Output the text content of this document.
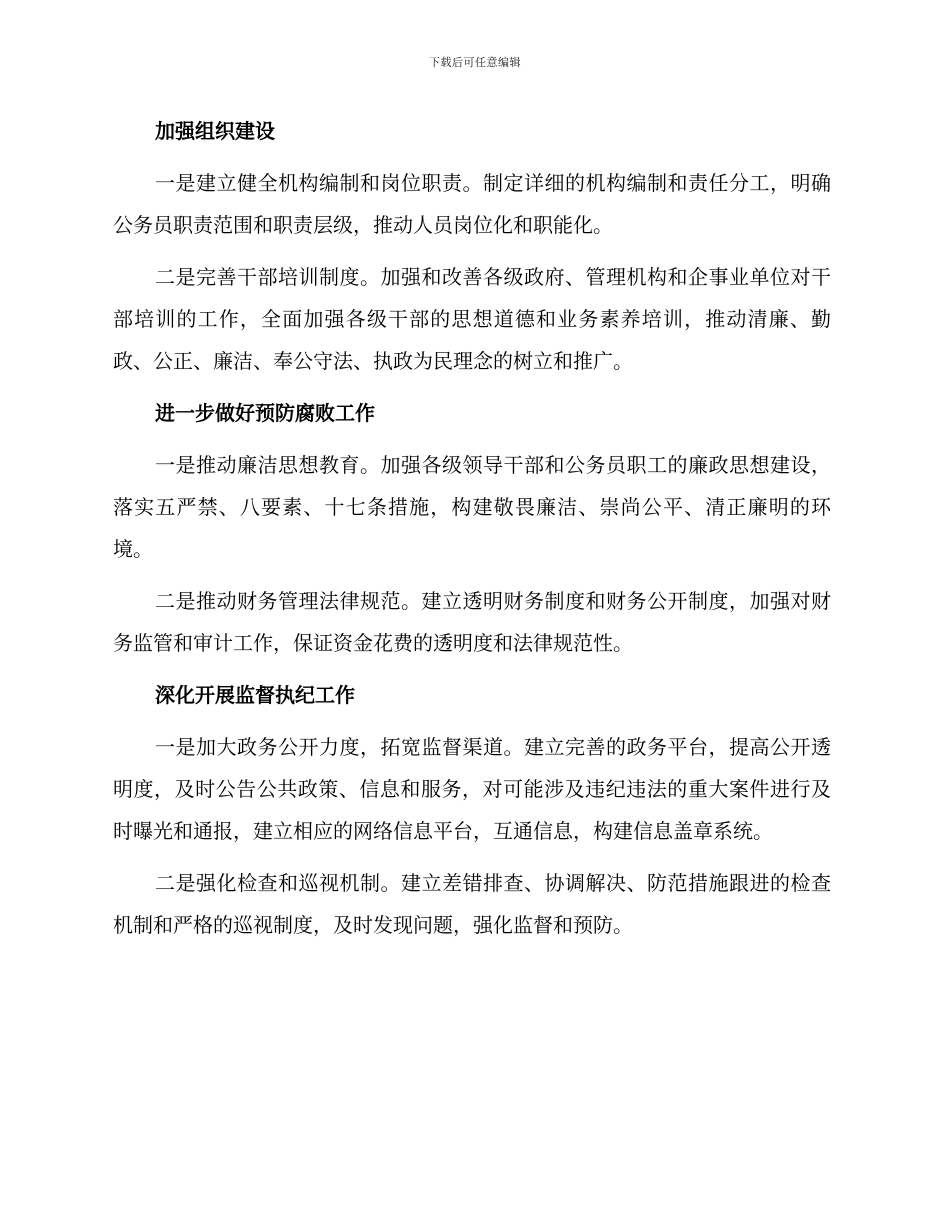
下载后可任意编辑
加强组织建设

一是建立健全机构编制和岗位职责。制定详细的机构编制和责任分工，明确公务员职责范围和职责层级，推动人员岗位化和职能化。

二是完善干部培训制度。加强和改善各级政府、管理机构和企事业单位对干部培训的工作，全面加强各级干部的思想道德和业务素养培训，推动清廉、勤政、公正、廉洁、奉公守法、执政为民理念的树立和推广。

进一步做好预防腐败工作

一是推动廉洁思想教育。加强各级领导干部和公务员职工的廉政思想建设，落实五严禁、八要素、十七条措施，构建敬畏廉洁、崇尚公平、清正廉明的环境。

二是推动财务管理法律规范。建立透明财务制度和财务公开制度，加强对财务监管和审计工作，保证资金花费的透明度和法律规范性。

深化开展监督执纪工作

一是加大政务公开力度，拓宽监督渠道。建立完善的政务平台，提高公开透明度，及时公告公共政策、信息和服务，对可能涉及违纪违法的重大案件进行及时曝光和通报，建立相应的网络信息平台，互通信息，构建信息盖章系统。

二是强化检查和巡视机制。建立差错排查、协调解决、防范措施跟进的检查机制和严格的巡视制度，及时发现问题，强化监督和预防。
